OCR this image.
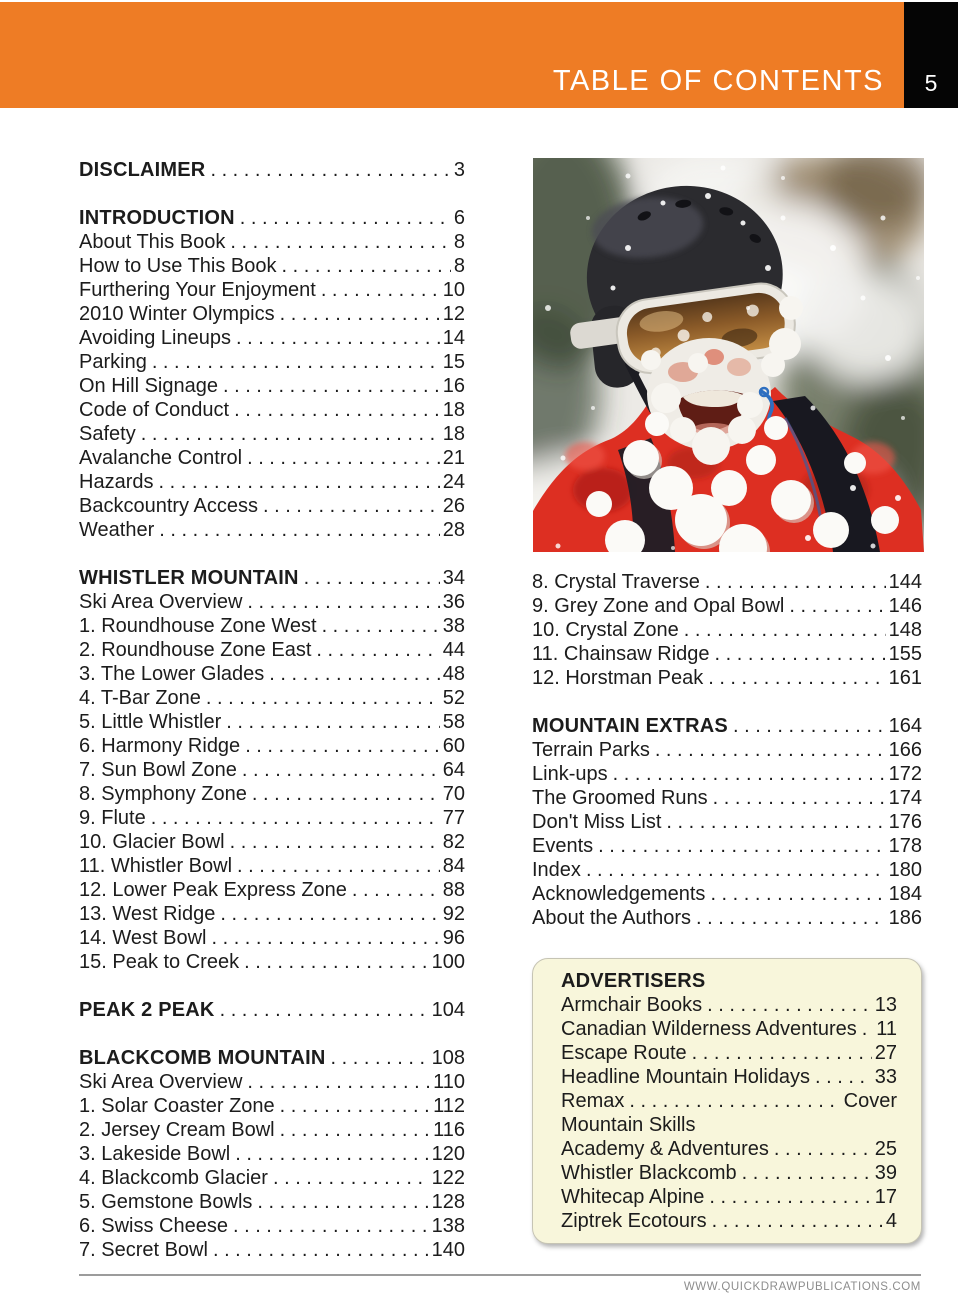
TABLE OF CONTENTS 5
DISCLAIMER . . .	3
INTRODUCTION . . .	6
About This Book . . .	8
How to Use This Book . . .	8
Furthering Your Enjoyment . . .	10
2010 Winter Olympics . . .	12
Avoiding Lineups . . .	14
Parking . . .	15
On Hill Signage . . .	16
Code of Conduct . . .	18
Safety . . .	18
Avalanche Control . . .	21
Hazards . . .	24
Backcountry Access . . .	26
Weather . . .	28
WHISTLER MOUNTAIN . . .	34
Ski Area Overview . . .	36
1. Roundhouse Zone West . . .	38
2. Roundhouse Zone East . . .	44
3. The Lower Glades . . .	48
4. T-Bar Zone . . .	52
5. Little Whistler . . .	58
6. Harmony Ridge . . .	60
7. Sun Bowl Zone . . .	64
8. Symphony Zone . . .	70
9. Flute . . .	77
10. Glacier Bowl . . .	82
11. Whistler Bowl . . .	84
12. Lower Peak Express Zone . . .	88
13. West Ridge . . .	92
14. West Bowl . . .	96
15. Peak to Creek . . .	100
PEAK 2 PEAK . . .	104
BLACKCOMB MOUNTAIN . . .	108
Ski Area Overview . . .	110
1. Solar Coaster Zone . . .	112
2. Jersey Cream Bowl . . .	116
3. Lakeside Bowl . . .	120
4. Blackcomb Glacier . . .	122
5. Gemstone Bowls . . .	128
6. Swiss Cheese . . .	138
7. Secret Bowl . . .	140
8. Crystal Traverse . . .	144
9. Grey Zone and Opal Bowl . . .	146
10. Crystal Zone . . .	148
11. Chainsaw Ridge . . .	155
12. Horstman Peak . . .	161
MOUNTAIN EXTRAS . . .	164
Terrain Parks . . .	166
Link-ups . . .	172
The Groomed Runs . . .	174
Don't Miss List . . .	176
Events . . .	178
Index . . .	180
Acknowledgements . . .	184
About the Authors . . .	186
ADVERTISERS
Armchair Books . . .	13
Canadian Wilderness Adventures . . . 11
Escape Route . . .	27
Headline Mountain Holidays . . .	33
Remax . . .	Cover
Mountain Skills
Academy & Adventures . . .	25
Whistler Blackcomb . . .	39
Whitecap Alpine . . .	17
Ziptrek Ecotours . . .	4
WWW.QUICKDRAWPUBLICATIONS.COM
